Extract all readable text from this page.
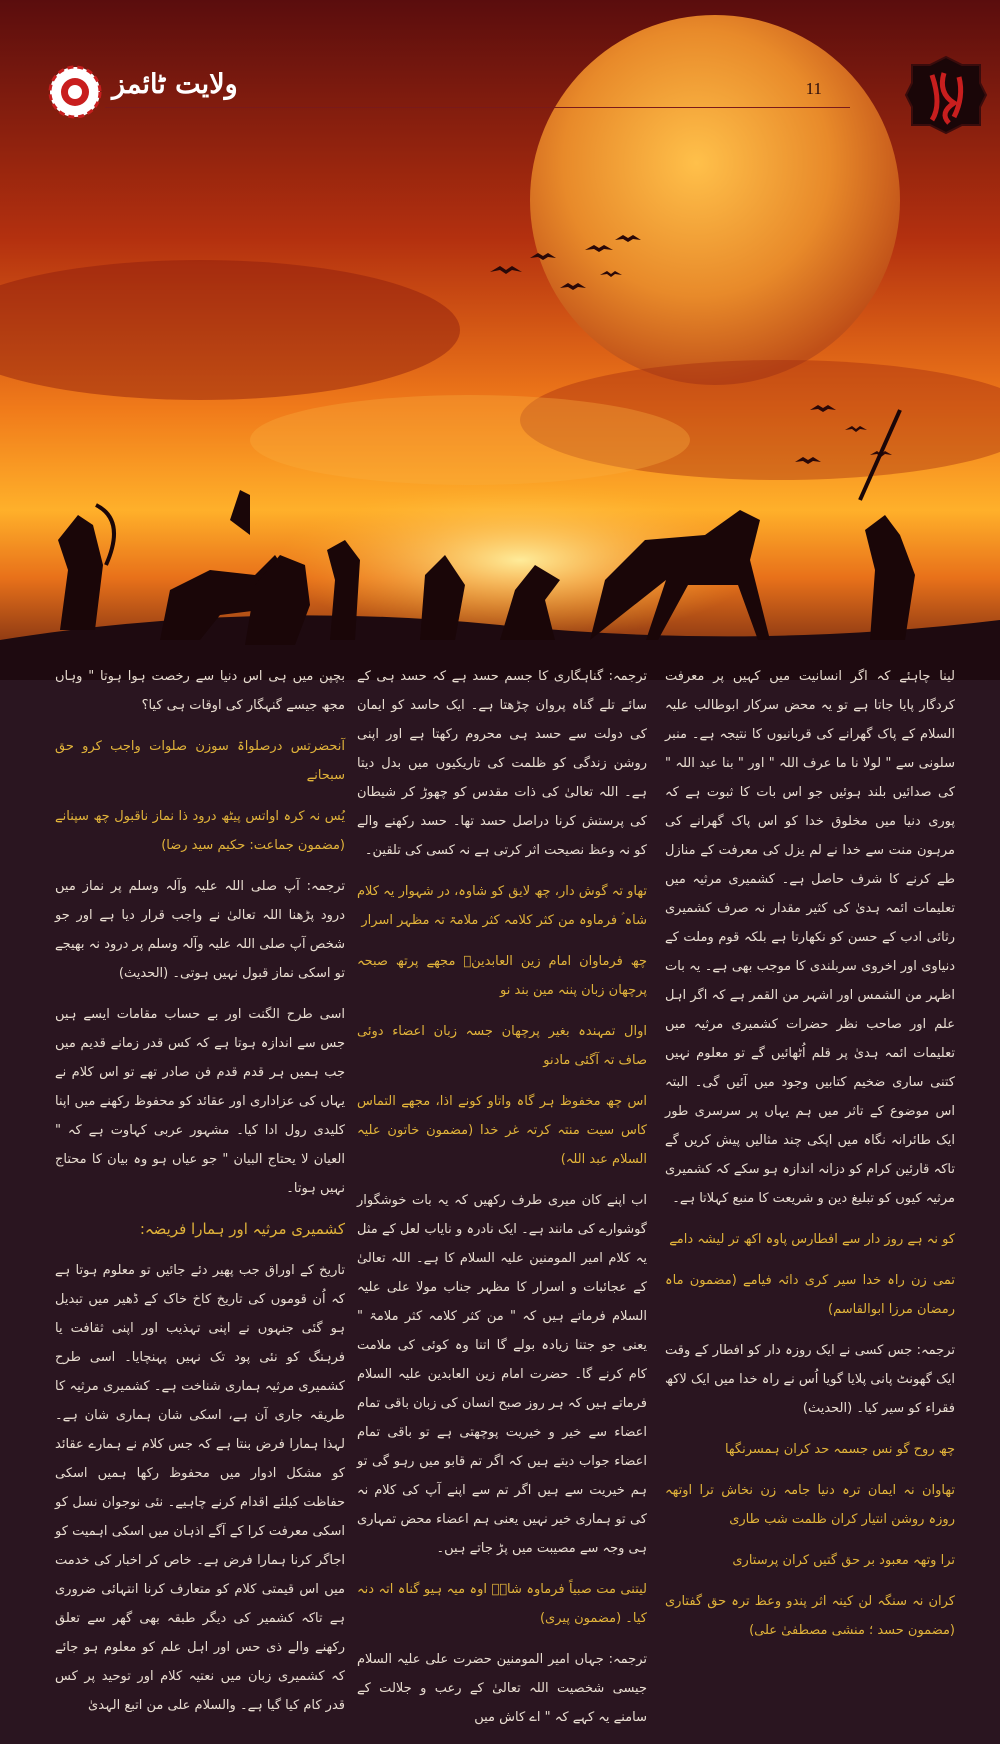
ولایت ٹائمز	11

لینا چاہئے کہ اگر انسانیت میں کہیں پر معرفت کردگار پایا جاتا ہے تو یہ محض سرکار ابوطالب علیہ السلام کے پاک گھرانے کی قربانیوں کا نتیجہ ہے۔ منبر سلونی سے " لولا نا ما عرف اللہ " اور " بنا عبد اللہ " کی صدائیں بلند ہوئیں جو اس بات کا ثبوت ہے کہ پوری دنیا میں مخلوق خدا کو اس پاک گھرانے کی مرہون منت سے خدا نے لم یزل کی معرفت کے منازل طے کرنے کا شرف حاصل ہے۔ کشمیری مرثیہ میں تعلیمات ائمہ ہدیٰ کی کثیر مقدار نہ صرف کشمیری رثائی ادب کے حسن کو نکھارتا ہے بلکہ قوم وملت کے دنیاوی اور اخروی سربلندی کا موجب بھی ہے۔ یہ بات اظہر من الشمس اور اشہر من القمر ہے کہ اگر اہل علم اور صاحب نظر حضرات کشمیری مرثیہ میں تعلیمات ائمہ ہدیٰ پر قلم اُٹھائیں گے تو معلوم نہیں کتنی ساری ضخیم کتابیں وجود میں آئیں گی۔ البتہ اس موضوع کے تاثر میں ہم یہاں پر سرسری طور ایک طائرانہ نگاہ میں اپکی چند مثالیں پیش کریں گے تاکہ قارئین کرام کو دزانہ اندازہ ہو سکے کہ کشمیری مرثیہ کیوں کو تبلیغ دین و شریعت کا منبع کہلاتا ہے۔

کو نہ ہے روز دار سے افطارس پاوہ اکھ تر لیشہ دامے

تمی زن راہ خدا سیر کری دائہ فیامے (مضمون ماہ رمضان مرزا ابوالقاسم)

ترجمہ: جس کسی نے ایک روزہ دار کو افطار کے وقت ایک گھونٹ پانی پلایا گویا اُس نے راہ خدا میں ایک لاکھ فقراء کو سیر کیا۔ (الحدیث)

چھ روح گو نس جسمہ حد کران ہمسرنگھا

تھاوان نہ ایمان ترہ دنیا جامہ زن نخاش ترا اوتھہ روزہ روشن انتیار کران ظلمت شب طاری

ترا وتھہ معبود بر حق گتیں کران پرستاری

کران نہ سنگہ لن کینہ اثر پندو وعظ ترہ حق گفتاری (مضمون حسد ؛ منشی مصطفیٰ علی)

ترجمہ: گناہگاری کا جسم حسد ہے کہ حسد ہی کے سائے تلے گناہ پروان چڑھتا ہے۔ ایک حاسد کو ایمان کی دولت سے حسد ہی محروم رکھتا ہے اور اپنی روشن زندگی کو ظلمت کی تاریکیوں میں بدل دیتا ہے۔ اللہ تعالیٰ کی ذات مقدس کو چھوڑ کر شیطان کی پرستش کرنا دراصل حسد تھا۔ حسد رکھنے والے کو نہ وعظ نصیحت اثر کرتی ہے نہ کسی کی تلقین۔

تھاو تہ گوش دار، چھ لایق کو شاوہ، در شہوار یہ کلام شاہ ؑ فرماوہ من کثر کلامہ کثر ملامۃ تہ مظہر اسرار

چھ فرماوان امام زین العابدینؑ مجھے پرتھ صبحہ پرچھان زبان پننہ مین بند نو

اوال تمہندہ بغیر پرچھان جسہ زبان اعضاء دوئی صاف تہ آگئی مادنو

اس چھ مخفوظ ہر گاہ واتاو کونے اذا، مجھے التماس کاس سیت منتہ کرتہ غر خدا (مضمون خاتون علیہ السلام عبد اللہ)

اب اپنے کان میری طرف رکھیں کہ یہ بات خوشگوار گوشوارے کی مانند ہے۔ ایک نادرہ و نایاب لعل کے مثل یہ کلام امیر المومنین علیہ السلام کا ہے۔ اللہ تعالیٰ کے عجائبات و اسرار کا مظہر جناب مولا علی علیہ السلام فرماتے ہیں کہ " من کثر کلامہ کثر ملامۃ " یعنی جو جتنا زیادہ بولے گا اتنا وہ کوئی کی ملامت کام کرنے گا۔ حضرت امام زین العابدین علیہ السلام فرماتے ہیں کہ ہر روز صبح انسان کی زبان باقی تمام اعضاء سے خیر و خیریت پوچھتی ہے تو باقی تمام اعضاء جواب دیتے ہیں کہ اگر تم قابو میں رہو گی تو ہم خیریت سے ہیں اگر تم سے اپنے آپ کی کلام نہ کی تو ہماری خیر نہیں یعنی ہم اعضاء محض تمہاری ہی وجہ سے مصیبت میں پڑ جاتے ہیں۔

لیتنی مت صبیاً فرماوہ شاہؑ اوہ میہ ہیو گناہ اتہ دنہ کیا۔ (مضمون پیری)

ترجمہ: جہاں امیر المومنین حضرت علی علیہ السلام جیسی شخصیت اللہ تعالیٰ کے رعب و جلالت کے سامنے یہ کہے کہ " اے کاش میں

بچپن میں ہی اس دنیا سے رخصت ہوا ہوتا " وہاں مجھ جیسے گنہگار کی اوقات ہی کیا؟

آنحضرتس درصلواۃ سوزن صلوات واجب کرو حق سبحانے

یُس نہ کرہ اواتس پیٹھ درود ذا نماز ناقبول چھ سپنانے (مضمون جماعت: حکیم سید رضا)

ترجمہ: آپ صلی اللہ علیہ وآلہ وسلم پر نماز میں درود پڑھنا اللہ تعالیٰ نے واجب قرار دیا ہے اور جو شخص آپ صلی اللہ علیہ وآلہ وسلم پر درود نہ بھیجے تو اسکی نماز قبول نہیں ہوتی۔ (الحدیث)

اسی طرح الگنت اور بے حساب مقامات ایسے ہیں جس سے اندازہ ہوتا ہے کہ کس قدر زمانے قدیم میں جب ہمیں ہر قدم قدم فن صادر تھے تو اس کلام نے یہاں کی عزاداری اور عقائد کو محفوظ رکھنے میں اپنا کلیدی رول ادا کیا۔ مشہور عربی کہاوت ہے کہ " العیان لا یحتاج البیان " جو عیاں ہو وہ بیان کا محتاج نہیں ہوتا۔

کشمیری مرثیہ اور ہمارا فریضہ:

تاریخ کے اوراق جب پھیر دئے جائیں تو معلوم ہوتا ہے کہ اُن قوموں کی تاریخ کاخ خاک کے ڈھیر میں تبدیل ہو گئی جنہوں نے اپنی تہذیب اور اپنی ثقافت یا فرہنگ کو نئی پود تک نہیں پہنچایا۔ اسی طرح کشمیری مرثیہ ہماری شناخت ہے۔ کشمیری مرثیہ کا طریقہ جاری آن ہے، اسکی شان ہماری شان ہے۔ لہذا ہمارا فرض بنتا ہے کہ جس کلام نے ہمارے عقائد کو مشکل ادوار میں محفوظ رکھا ہمیں اسکی حفاظت کیلئے اقدام کرنے چاہیے۔ نئی نوجوان نسل کو اسکی معرفت کرا کے آگے اذہان میں اسکی اہمیت کو اجاگر کرنا ہمارا فرض ہے۔ خاص کر اخبار کی خدمت میں اس قیمتی کلام کو متعارف کرنا انتہائی ضروری ہے تاکہ کشمیر کی دیگر طبقہ بھی گھر سے تعلق رکھنے والے ذی حس اور اہل علم کو معلوم ہو جائے کہ کشمیری زبان میں نعتیہ کلام اور توحید پر کس قدر کام کیا گیا ہے۔ والسلام علی من اتبع الہدیٰ
